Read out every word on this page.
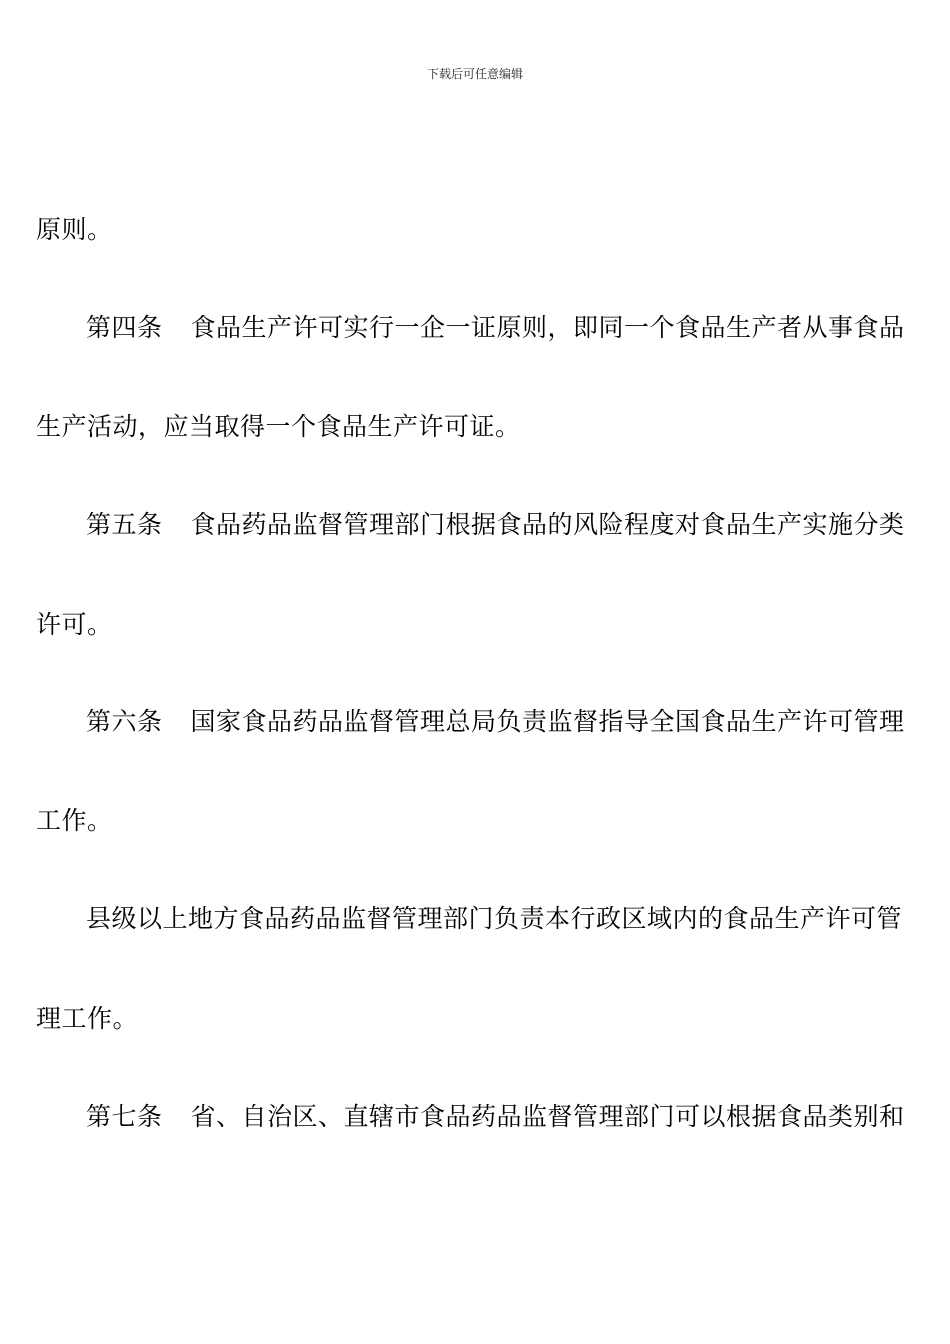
下载后可任意编辑
原则。
第四条 食品生产许可实行一企一证原则，即同一个食品生产者从事食品
生产活动，应当取得一个食品生产许可证。
第五条 食品药品监督管理部门根据食品的风险程度对食品生产实施分类
许可。
第六条 国家食品药品监督管理总局负责监督指导全国食品生产许可管理
工作。
县级以上地方食品药品监督管理部门负责本行政区域内的食品生产许可管
理工作。
第七条 省、自治区、直辖市食品药品监督管理部门可以根据食品类别和
